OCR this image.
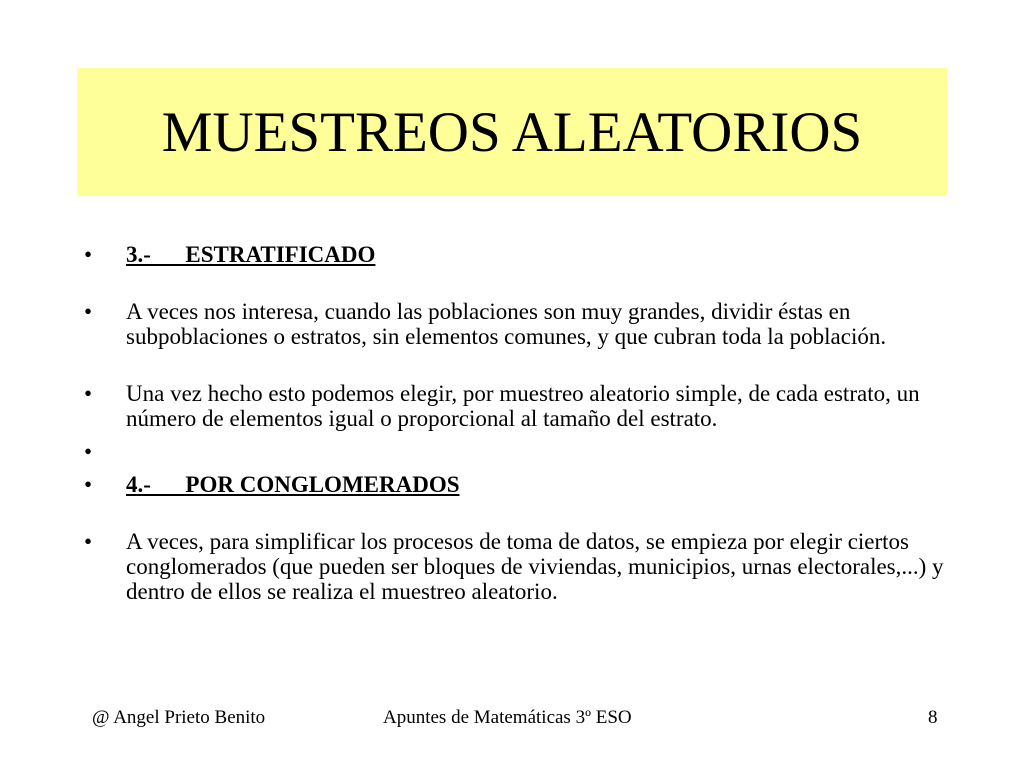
MUESTREOS ALEATORIOS
• 3.-      ESTRATIFICADO
• A veces nos interesa, cuando las poblaciones son muy grandes, dividir éstas en subpoblaciones o estratos, sin elementos comunes, y que cubran toda la población.
• Una vez hecho esto podemos elegir, por muestreo aleatorio simple, de cada estrato, un número de elementos igual o proporcional al tamaño del estrato.
•

• 4.-      POR CONGLOMERADOS
• A veces, para simplificar los procesos de toma de datos, se empieza por elegir ciertos conglomerados (que pueden ser bloques de viviendas, municipios, urnas electorales,...) y dentro de ellos se realiza el muestreo aleatorio.
@ Angel Prieto Benito	Apuntes de Matemáticas 3º ESO	8
